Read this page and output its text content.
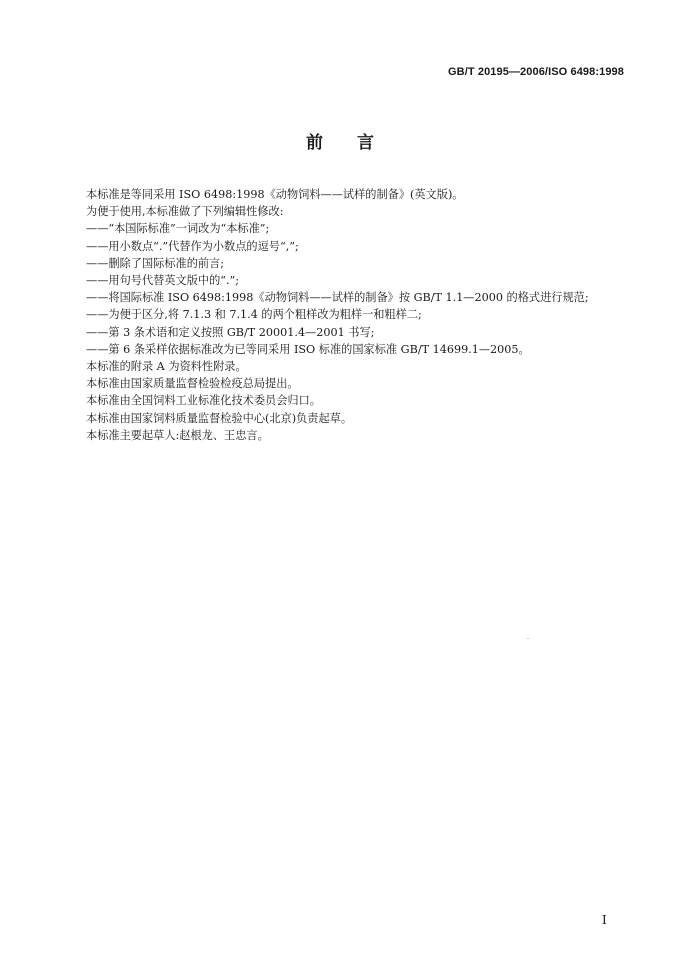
GB/T 20195—2006/ISO 6498:1998
前言

本标准是等同采用 ISO 6498:1998《动物饲料——试样的制备》(英文版)。

为便于使用,本标准做了下列编辑性修改:

——“本国际标准”一词改为“本标准”;

——用小数点“.”代替作为小数点的逗号“,”;

——删除了国际标准的前言;

——用句号代替英文版中的“.”;

——将国际标准 ISO 6498:1998《动物饲料——试样的制备》按 GB/T 1.1—2000 的格式进行规范;

——为便于区分,将 7.1.3 和 7.1.4 的两个粗样改为粗样一和粗样二;

——第 3 条术语和定义按照 GB/T 20001.4—2001 书写;

——第 6 条采样依据标准改为已等同采用 ISO 标准的国家标准 GB/T 14699.1—2005。

本标准的附录 A 为资料性附录。

本标准由国家质量监督检验检疫总局提出。

本标准由全国饲料工业标准化技术委员会归口。

本标准由国家饲料质量监督检验中心(北京)负责起草。

本标准主要起草人:赵根龙、王忠言。

I
